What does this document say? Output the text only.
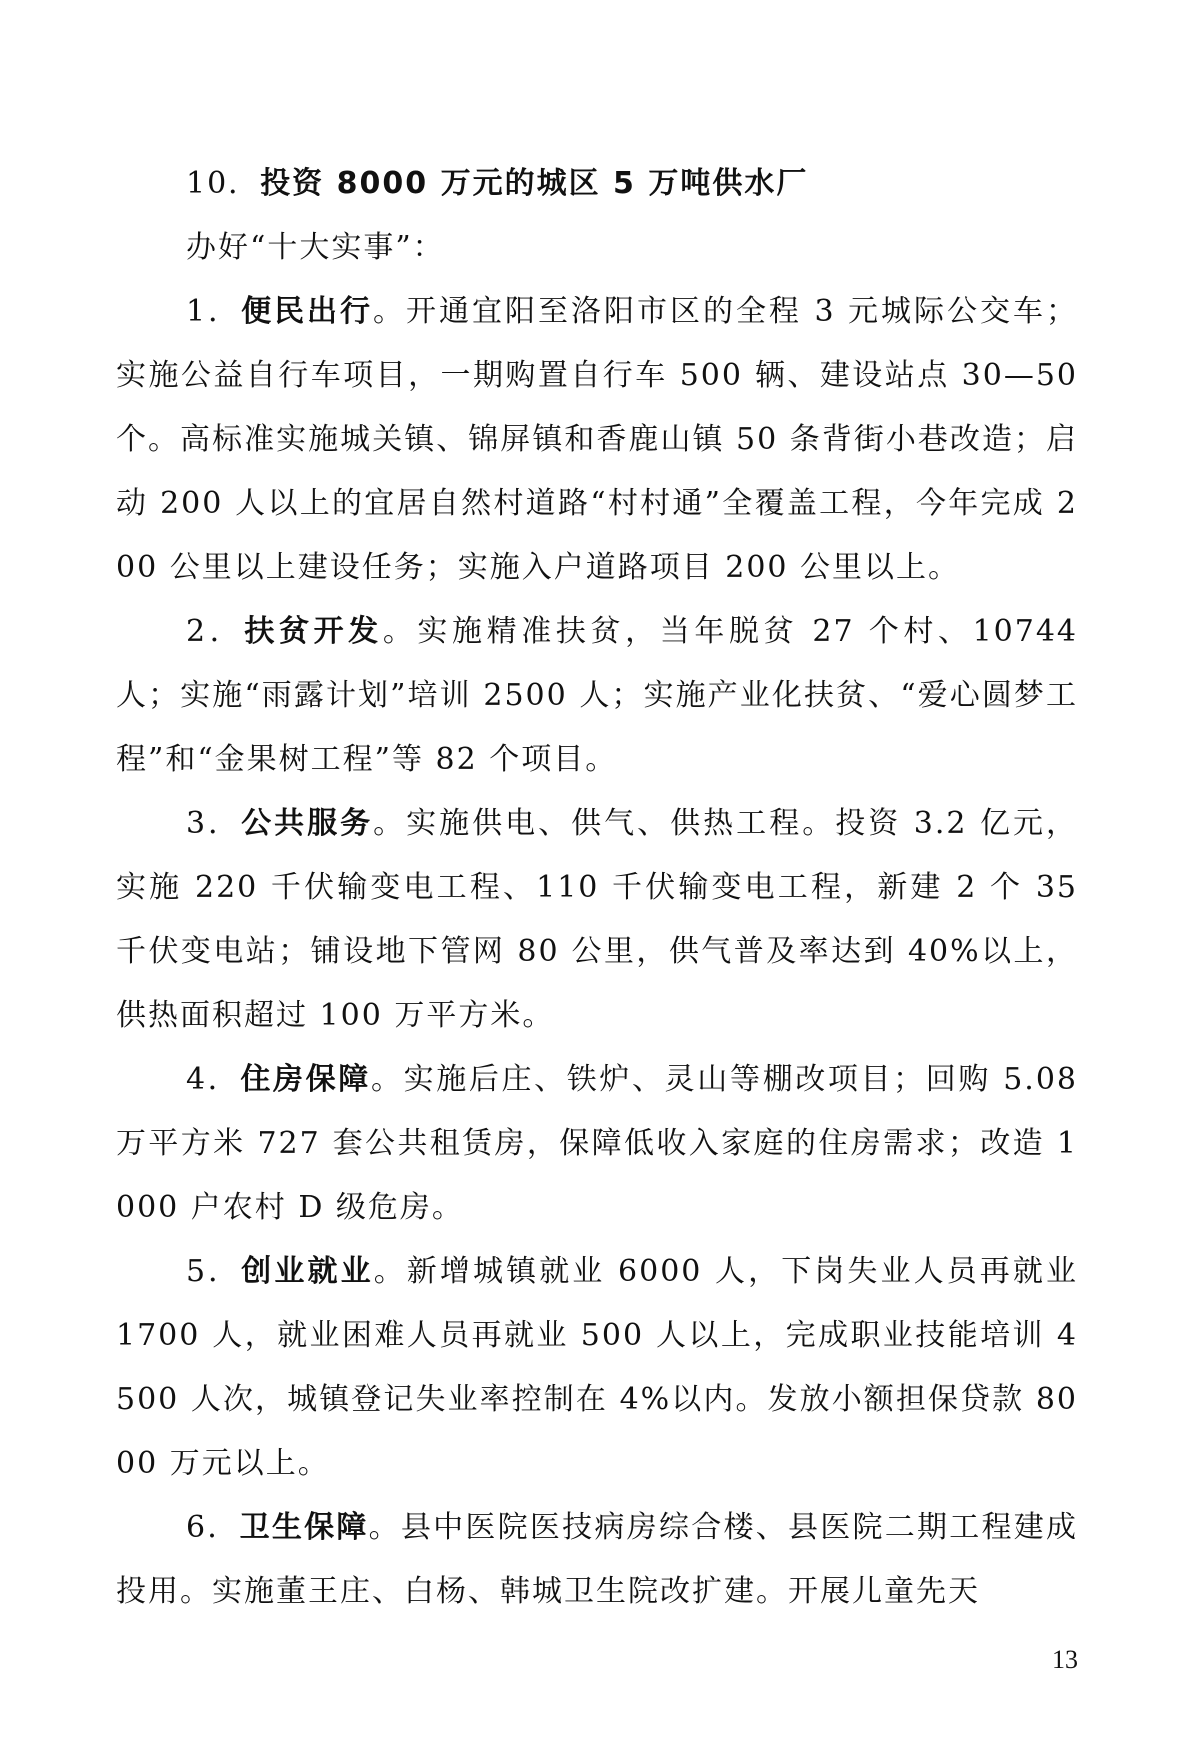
10．投资 8000 万元的城区 5 万吨供水厂

办好“十大实事”：

1．便民出行。开通宜阳至洛阳市区的全程 3 元城际公交车；实施公益自行车项目，一期购置自行车 500 辆、建设站点 30—50 个。高标准实施城关镇、锦屏镇和香鹿山镇 50 条背街小巷改造；启动 200 人以上的宜居自然村道路“村村通”全覆盖工程，今年完成 200 公里以上建设任务；实施入户道路项目 200 公里以上。

2．扶贫开发。实施精准扶贫，当年脱贫 27 个村、10744 人；实施“雨露计划”培训 2500 人；实施产业化扶贫、“爱心圆梦工程”和“金果树工程”等 82 个项目。

3．公共服务。实施供电、供气、供热工程。投资 3.2 亿元，实施 220 千伏输变电工程、110 千伏输变电工程，新建 2 个 35 千伏变电站；铺设地下管网 80 公里，供气普及率达到 40%以上，供热面积超过 100 万平方米。

4．住房保障。实施后庄、铁炉、灵山等棚改项目；回购 5.08 万平方米 727 套公共租赁房，保障低收入家庭的住房需求；改造 1000 户农村 D 级危房。

5．创业就业。新增城镇就业 6000 人，下岗失业人员再就业 1700 人，就业困难人员再就业 500 人以上，完成职业技能培训 4500 人次，城镇登记失业率控制在 4%以内。发放小额担保贷款 8000 万元以上。

6．卫生保障。县中医院医技病房综合楼、县医院二期工程建成投用。实施董王庄、白杨、韩城卫生院改扩建。开展儿童先天

13
